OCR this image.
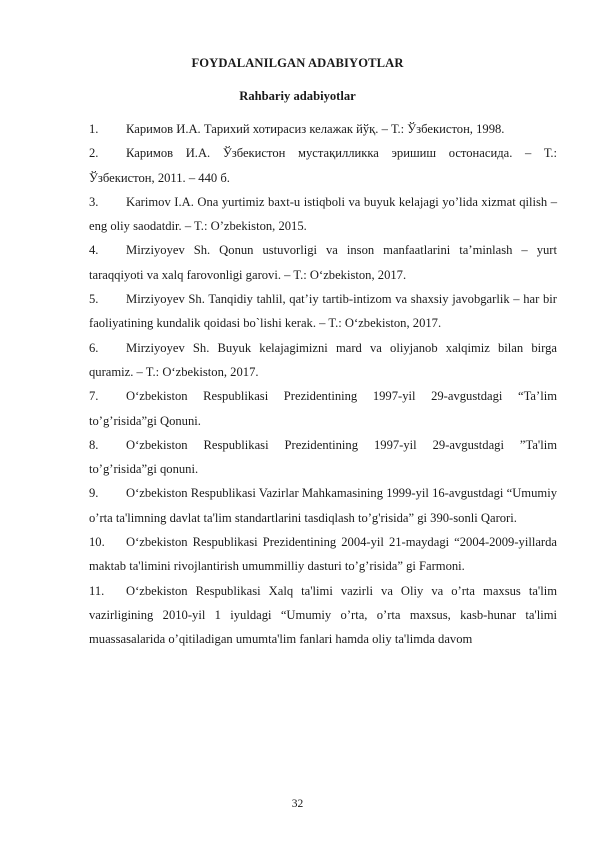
FOYDALANILGAN ADABIYOTLAR
Rahbariy adabiyotlar

1. Каримов И.А. Тарихий хотирасиз келажак йўқ. – Т.: Ўзбекистон, 1998.

2. Каримов И.А. Ўзбекистон мустақилликка эришиш остонасида. – Т.: Ўзбекистон, 2011. – 440 б.

3. Karimov I.A. Ona yurtimiz baxt-u istiqboli va buyuk kelajagi yo’lida xizmat qilish – eng oliy saodatdir. – T.: O’zbekiston, 2015.

4. Mirziyoyev Sh. Qonun ustuvorligi va inson manfaatlarini ta’minlash – yurt taraqqiyoti va xalq farovonligi garovi. – T.: O‘zbekiston, 2017.

5. Mirziyoyev Sh. Tanqidiy tahlil, qat’iy tartib-intizom va shaxsiy javobgarlik – har bir faoliyatining kundalik qoidasi bo`lishi kerak. – T.: O‘zbekiston, 2017.

6. Mirziyoyev Sh. Buyuk kelajagimizni mard va oliyjanob xalqimiz bilan birga quramiz. – T.: O‘zbekiston, 2017.

7. O‘zbekiston Respublikasi Prezidentining 1997-yil 29-avgustdagi “Ta’lim to’g’risida”gi Qonuni.

8. O‘zbekiston Respublikasi Prezidentining 1997-yil 29-avgustdagi ”Ta'lim to’g’risida”gi qonuni.

9. O‘zbekiston Respublikasi Vazirlar Mahkamasining 1999-yil 16-avgustdagi “Umumiy o’rta ta'limning davlat ta'lim standartlarini tasdiqlash to’g'risida” gi 390-sonli Qarori.

10. O‘zbekiston Respublikasi Prezidentining 2004-yil 21-maydagi “2004-2009-yillarda maktab ta'limini rivojlantirish umummilliy dasturi to’g’risida” gi Farmoni.

11. O‘zbekiston Respublikasi Xalq ta'limi vazirli va Oliy va o’rta maxsus ta'lim vazirligining 2010-yil 1 iyuldagi “Umumiy o’rta, o’rta maxsus, kasb-hunar ta'limi muassasalarida o’qitiladigan umumta'lim fanlari hamda oliy ta'limda davom

32
